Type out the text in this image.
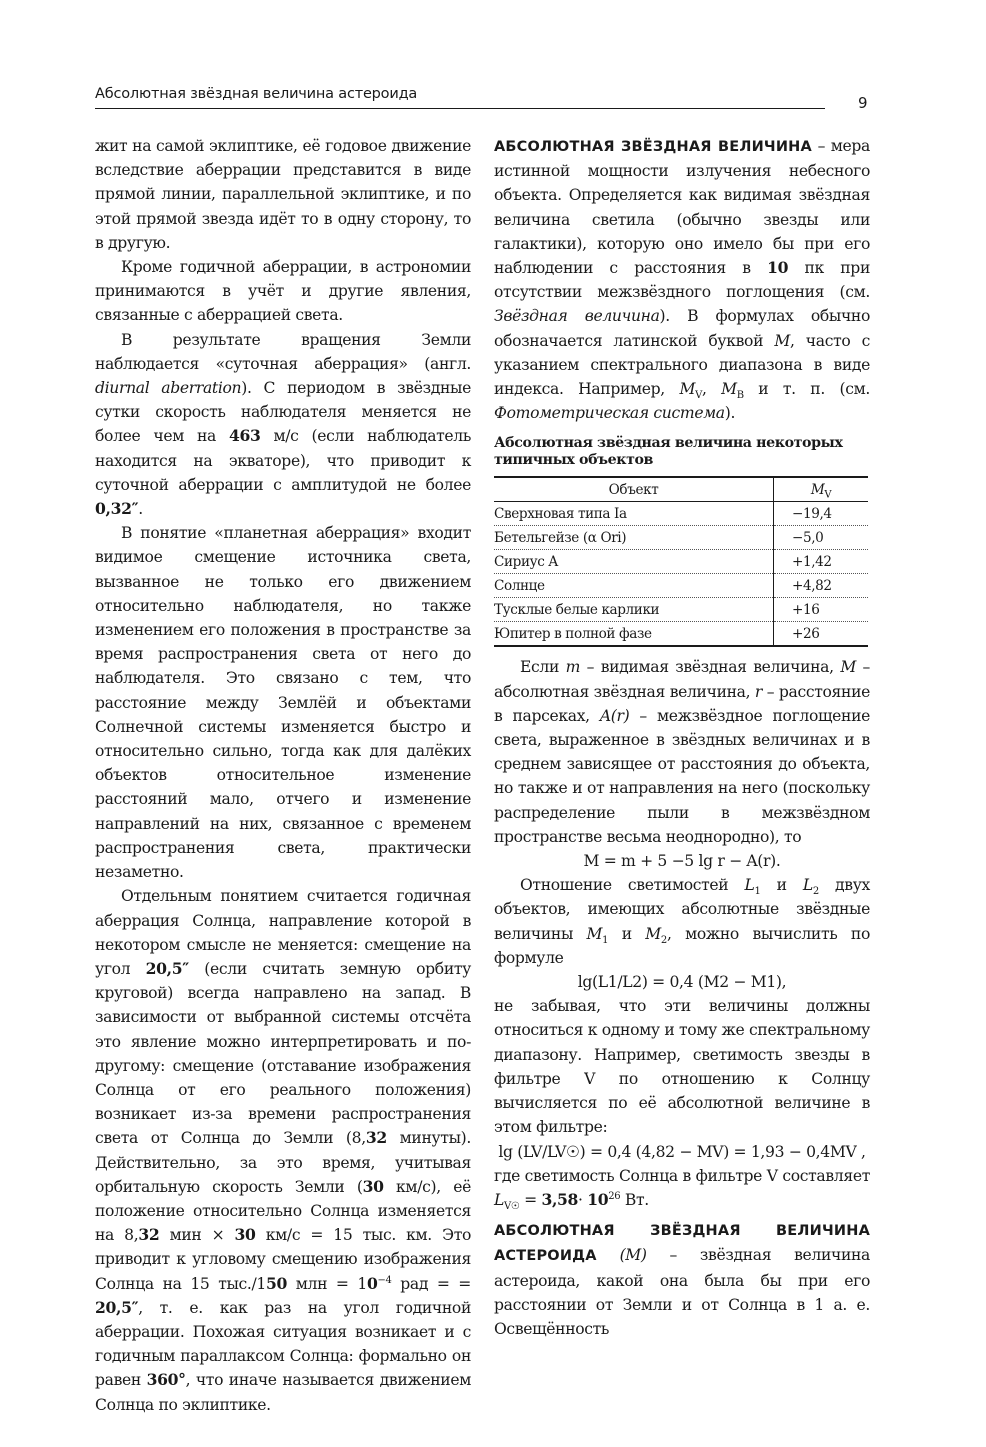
Абсолютная звёздная величина астероида	9

жит на самой эклиптике, её годовое движение вследствие аберрации представится в виде прямой линии, параллельной эклиптике, и по этой прямой звезда идёт то в одну сторону, то в другую.

Кроме годичной аберрации, в астрономии принимаются в учёт и другие явления, связанные с аберрацией света.

В результате вращения Земли наблюдается «суточная аберрация» (англ. diurnal aberration). С периодом в звёздные сутки скорость наблюдателя меняется не более чем на 463 м/с (если наблюдатель находится на экваторе), что приводит к суточной аберрации с амплитудой не более 0,32″.

В понятие «планетная аберрация» входит видимое смещение источника света, вызванное не только его движением относительно наблюдателя, но также изменением его положения в пространстве за время распространения света от него до наблюдателя. Это связано с тем, что расстояние между Землёй и объектами Солнечной системы изменяется быстро и относительно сильно, тогда как для далёких объектов относительное изменение расстояний мало, отчего и изменение направлений на них, связанное с временем распространения света, практически незаметно.

Отдельным понятием считается годичная аберрация Солнца, направление которой в некотором смысле не меняется: смещение на угол 20,5″ (если считать земную орбиту круговой) всегда направлено на запад. В зависимости от выбранной системы отсчёта это явление можно интерпретировать и по-другому: смещение (отставание изображения Солнца от его реального положения) возникает из-за времени распространения света от Солнца до Земли (8,32 минуты). Действительно, за это время, учитывая орбитальную скорость Земли (30 км/с), её положение относительно Солнца изменяется на 8,32 мин × 30 км/с = 15 тыс. км. Это приводит к угловому смещению изображения Солнца на 15 тыс./150 млн = $10^{-4}$ рад = = 20,5″, т. е. как раз на угол годичной аберрации. Похожая ситуация возникает и с годичным параллаксом Солнца: формально он равен 360°, что иначе называется движением Солнца по эклиптике.

АБСОЛЮТНАЯ ЗВЁЗДНАЯ ВЕЛИЧИНА – мера истинной мощности излучения небесного объекта. Определяется как видимая звёздная величина светила (обычно звезды или галактики), которую оно имело бы при его наблюдении с расстояния в 10 пк при отсутствии межзвёздного поглощения (см. Звёздная величина). В формулах обычно обозначается латинской буквой M, часто с указанием спектрального диапазона в виде индекса. Например, $M_V$, $M_B$ и т. п. (см. Фотометрическая система).

Абсолютная звёздная величина некоторых типичных объектов
Объект	$M_V$
Сверхновая типа Ia	−19,4
Бетельгейзе (α Ori)	−5,0
Сириус A	+1,42
Солнце	+4,82
Тусклые белые карлики	+16
Юпитер в полной фазе	+26

Если m – видимая звёздная величина, M – абсолютная звёздная величина, r – расстояние в парсеках, A(r) – межзвёздное поглощение света, выраженное в звёздных величинах и в среднем зависящее от расстояния до объекта, но также и от направления на него (поскольку распределение пыли в межзвёздном пространстве весьма неоднородно), то

M = m + 5 −5 lg r − A(r).

Отношение светимостей $L_1$ и $L_2$ двух объектов, имеющих абсолютные звёздные величины $M_1$ и $M_2$, можно вычислить по формуле

lg(L1/L2) = 0,4 (M2 − M1),

не забывая, что эти величины должны относиться к одному и тому же спектральному диапазону. Например, светимость звезды в фильтре V по отношению к Солнцу вычисляется по её абсолютной величине в этом фильтре:

lg (LV/LV☉) = 0,4 (4,82 − MV) = 1,93 − 0,4MV ,

где светимость Солнца в фильтре V составляет $L_{V☉} = 3,58\cdot 10^{26}$ Вт.

АБСОЛЮТНАЯ ЗВЁЗДНАЯ ВЕЛИЧИНА АСТЕРОИДА (M) – звёздная величина астероида, какой она была бы при его расстоянии от Земли и от Солнца в 1 а. е. Освещённость
